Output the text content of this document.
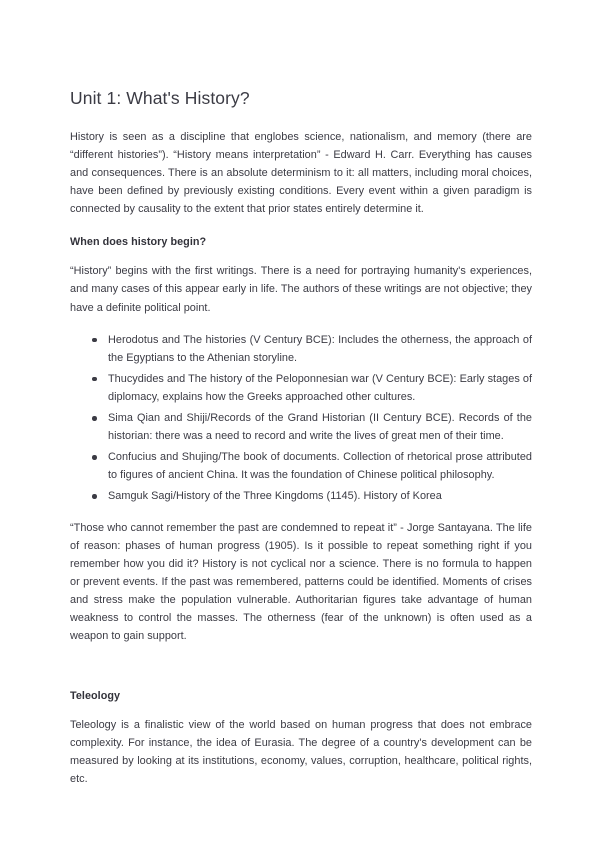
Unit 1: What's History?

History is seen as a discipline that englobes science, nationalism, and memory (there are “different histories”). “History means interpretation” - Edward H. Carr. Everything has causes and consequences. There is an absolute determinism to it: all matters, including moral choices, have been defined by previously existing conditions. Every event within a given paradigm is connected by causality to the extent that prior states entirely determine it.

When does history begin?

“History” begins with the first writings. There is a need for portraying humanity's experiences, and many cases of this appear early in life. The authors of these writings are not objective; they have a definite political point.

Herodotus and The histories (V Century BCE): Includes the otherness, the approach of the Egyptians to the Athenian storyline.
Thucydides and The history of the Peloponnesian war (V Century BCE): Early stages of diplomacy, explains how the Greeks approached other cultures.
Sima Qian and Shiji/Records of the Grand Historian (II Century BCE). Records of the historian: there was a need to record and write the lives of great men of their time.
Confucius and Shujing/The book of documents. Collection of rhetorical prose attributed to figures of ancient China. It was the foundation of Chinese political philosophy.
Samguk Sagi/History of the Three Kingdoms (1145). History of Korea

“Those who cannot remember the past are condemned to repeat it” - Jorge Santayana. The life of reason: phases of human progress (1905). Is it possible to repeat something right if you remember how you did it? History is not cyclical nor a science. There is no formula to happen or prevent events. If the past was remembered, patterns could be identified. Moments of crises and stress make the population vulnerable. Authoritarian figures take advantage of human weakness to control the masses. The otherness (fear of the unknown) is often used as a weapon to gain support.

Teleology

Teleology is a finalistic view of the world based on human progress that does not embrace complexity. For instance, the idea of Eurasia. The degree of a country's development can be measured by looking at its institutions, economy, values, corruption, healthcare, political rights, etc.
